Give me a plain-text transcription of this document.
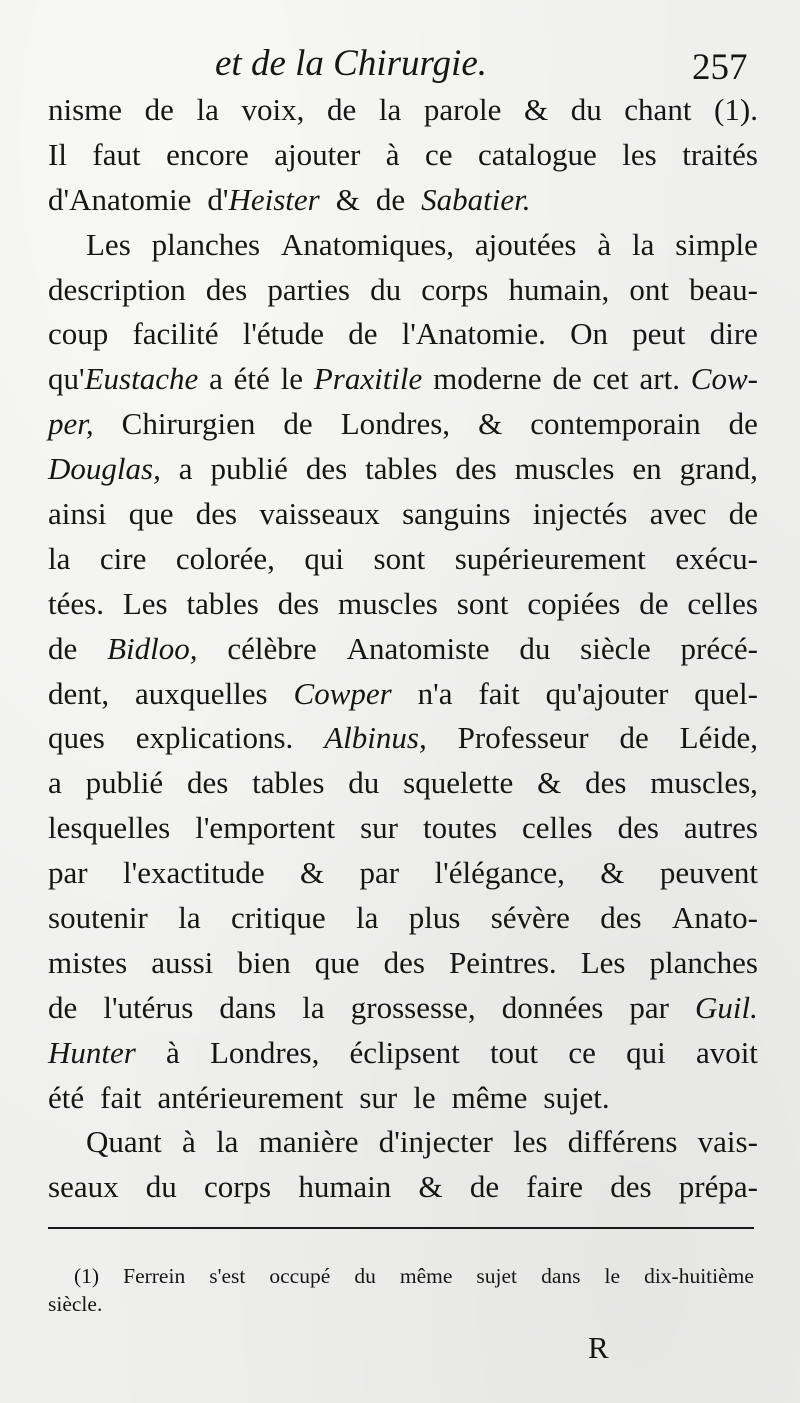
et de la Chirurgie.	257
nisme de la voix, de la parole & du chant (1).
Il faut encore ajouter à ce catalogue les traités
d'Anatomie d'Heister & de Sabatier.
Les planches Anatomiques, ajoutées à la simple
description des parties du corps humain, ont beau-
coup facilité l'étude de l'Anatomie. On peut dire
qu'Eustache a été le Praxitile moderne de cet art. Cow-
per, Chirurgien de Londres, & contemporain de
Douglas, a publié des tables des muscles en grand,
ainsi que des vaisseaux sanguins injectés avec de
la cire colorée, qui sont supérieurement exécu-
tées. Les tables des muscles sont copiées de celles
de Bidloo, célèbre Anatomiste du siècle précé-
dent, auxquelles Cowper n'a fait qu'ajouter quel-
ques explications. Albinus, Professeur de Léide,
a publié des tables du squelette & des muscles,
lesquelles l'emportent sur toutes celles des autres
par l'exactitude & par l'élégance, & peuvent
soutenir la critique la plus sévère des Anato-
mistes aussi bien que des Peintres. Les planches
de l'utérus dans la grossesse, données par Guil.
Hunter à Londres, éclipsent tout ce qui avoit
été fait antérieurement sur le même sujet.
Quant à la manière d'injecter les différens vais-
seaux du corps humain & de faire des prépa-
(1) Ferrein s'est occupé du même sujet dans le dix-huitième
siècle.
R
